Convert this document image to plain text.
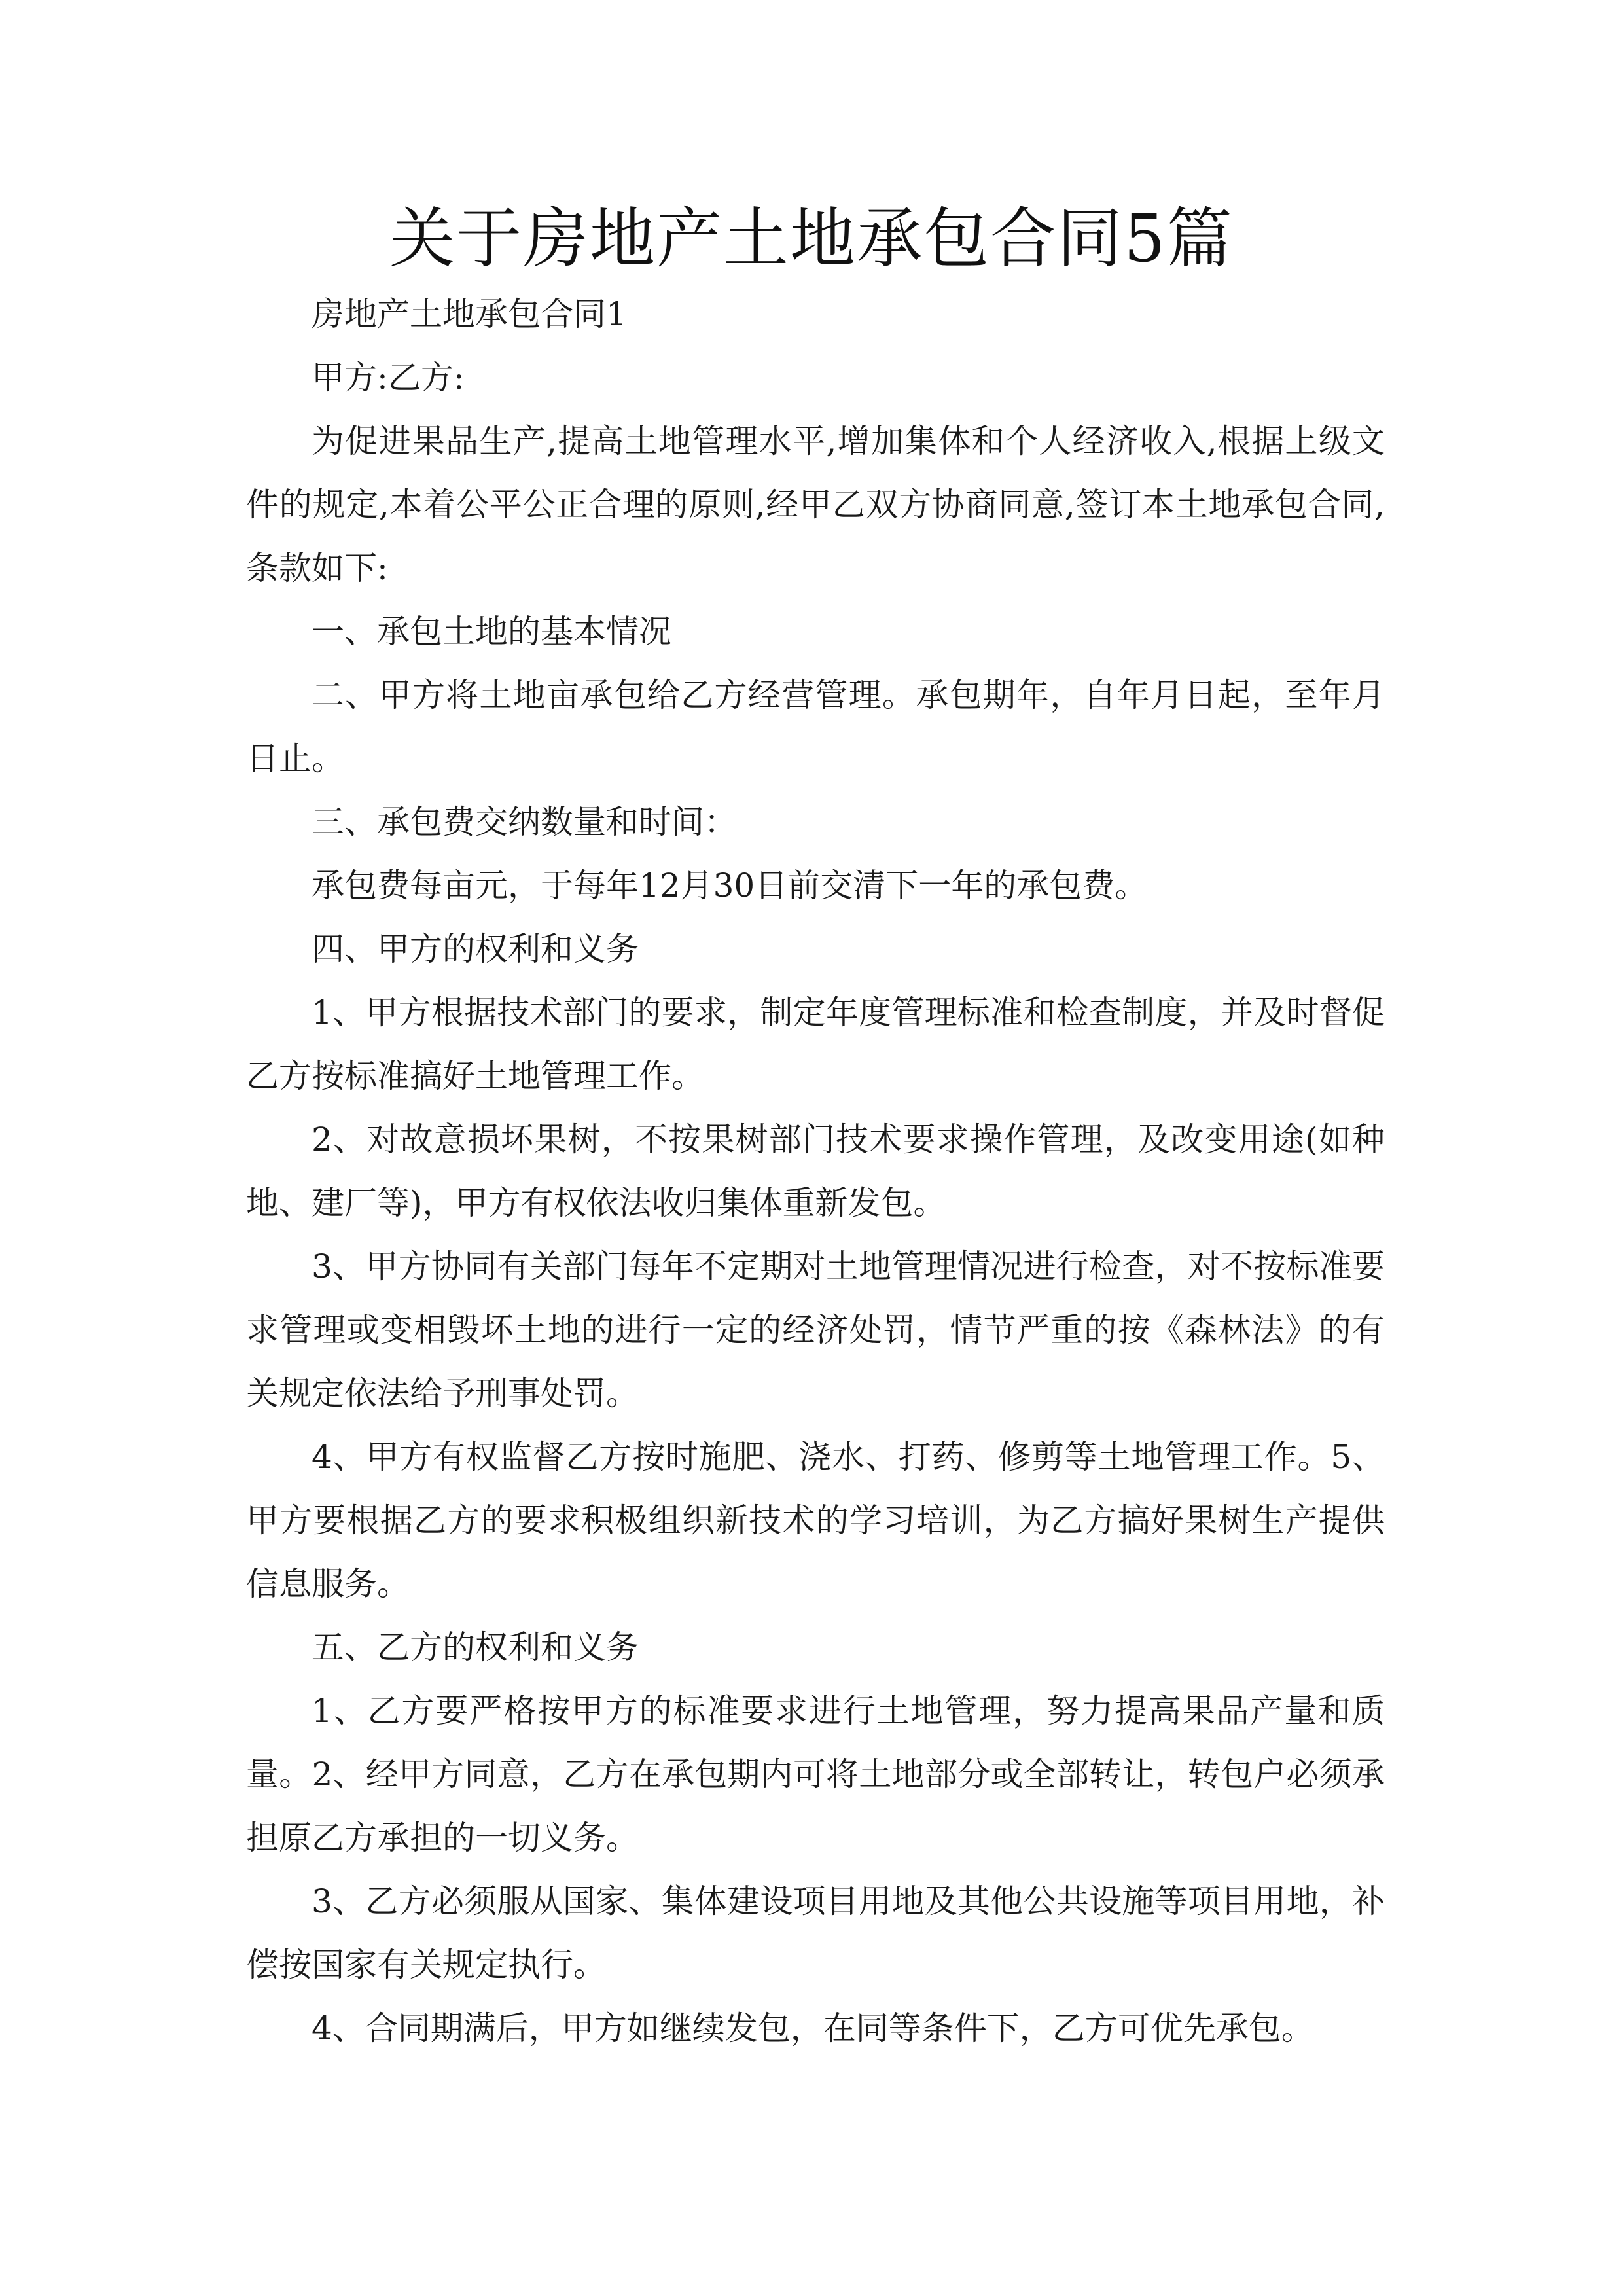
关于房地产土地承包合同5篇

房地产土地承包合同1

甲方:乙方:

为促进果品生产,提高土地管理水平,增加集体和个人经济收入,根据上级文件的规定,本着公平公正合理的原则,经甲乙双方协商同意,签订本土地承包合同,条款如下:

一、承包土地的基本情况

二、甲方将土地亩承包给乙方经营管理。承包期年，自年月日起，至年月日止。

三、承包费交纳数量和时间：

承包费每亩元，于每年12月30日前交清下一年的承包费。

四、甲方的权利和义务

1、甲方根据技术部门的要求，制定年度管理标准和检查制度，并及时督促乙方按标准搞好土地管理工作。

2、对故意损坏果树，不按果树部门技术要求操作管理，及改变用途(如种地、建厂等)，甲方有权依法收归集体重新发包。

3、甲方协同有关部门每年不定期对土地管理情况进行检查，对不按标准要求管理或变相毁坏土地的进行一定的经济处罚，情节严重的按《森林法》的有关规定依法给予刑事处罚。

4、甲方有权监督乙方按时施肥、浇水、打药、修剪等土地管理工作。5、甲方要根据乙方的要求积极组织新技术的学习培训，为乙方搞好果树生产提供信息服务。

五、乙方的权利和义务

1、乙方要严格按甲方的标准要求进行土地管理，努力提高果品产量和质量。2、经甲方同意，乙方在承包期内可将土地部分或全部转让，转包户必须承担原乙方承担的一切义务。

3、乙方必须服从国家、集体建设项目用地及其他公共设施等项目用地，补偿按国家有关规定执行。

4、合同期满后，甲方如继续发包，在同等条件下，乙方可优先承包。
